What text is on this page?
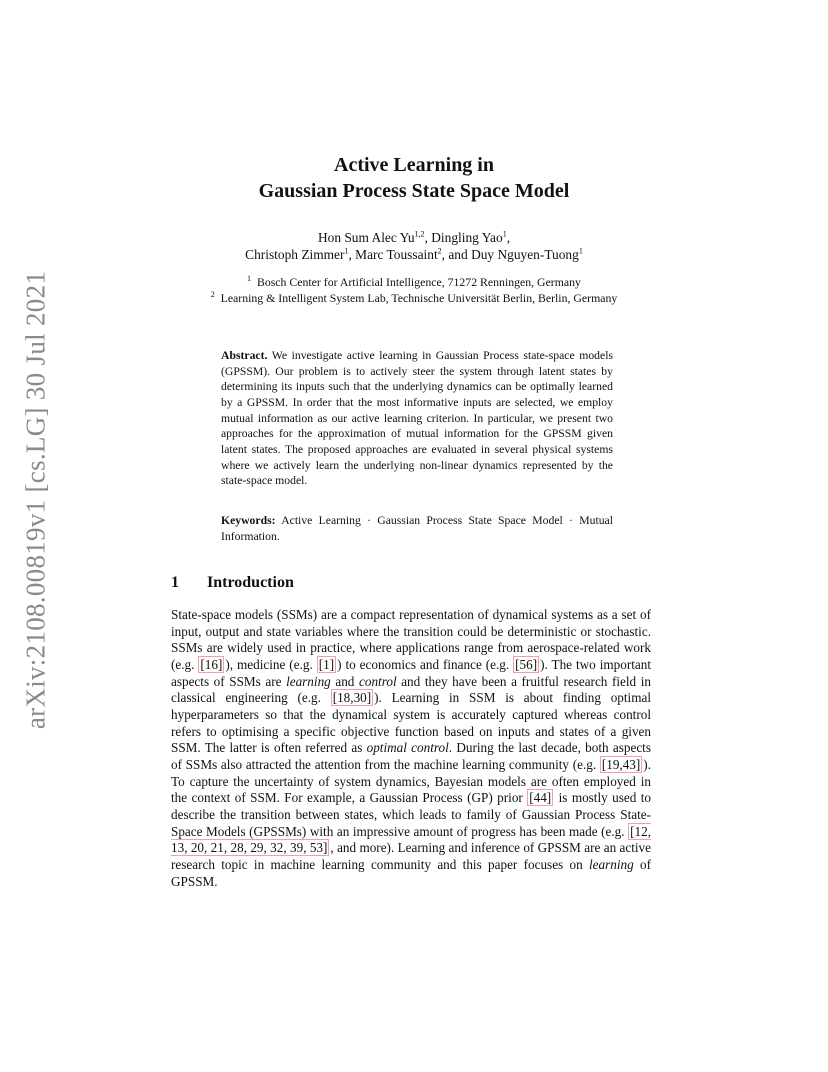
arXiv:2108.00819v1 [cs.LG] 30 Jul 2021
Active Learning in
Gaussian Process State Space Model
Hon Sum Alec Yu$^{1,2}$, Dingling Yao$^1$,
Christoph Zimmer$^1$, Marc Toussaint$^2$, and Duy Nguyen-Tuong$^1$
$^1$ Bosch Center for Artificial Intelligence, 71272 Renningen, Germany
$^2$ Learning & Intelligent System Lab, Technische Universität Berlin, Berlin, Germany
Abstract. We investigate active learning in Gaussian Process state-space models (GPSSM). Our problem is to actively steer the system through latent states by determining its inputs such that the underlying dynamics can be optimally learned by a GPSSM. In order that the most informative inputs are selected, we employ mutual information as our active learning criterion. In particular, we present two approaches for the approximation of mutual information for the GPSSM given latent states. The proposed approaches are evaluated in several physical systems where we actively learn the underlying non-linear dynamics represented by the state-space model.
Keywords: Active Learning · Gaussian Process State Space Model · Mutual Information.
1 Introduction

State-space models (SSMs) are a compact representation of dynamical systems as a set of input, output and state variables where the transition could be deterministic or stochastic. SSMs are widely used in practice, where applications range from aerospace-related work (e.g. [16] ), medicine (e.g. [1] ) to economics and finance (e.g. [56] ). The two important aspects of SSMs are learning and control and they have been a fruitful research field in classical engineering (e.g. [18,30] ). Learning in SSM is about finding optimal hyperparameters so that the dynamical system is accurately captured whereas control refers to optimising a specific objective function based on inputs and states of a given SSM. The latter is often referred as optimal control. During the last decade, both aspects of SSMs also attracted the attention from the machine learning community (e.g. [19,43] ). To capture the uncertainty of system dynamics, Bayesian models are often employed in the context of SSM. For example, a Gaussian Process (GP) prior [44] is mostly used to describe the transition between states, which leads to family of Gaussian Process State-Space Models (GPSSMs) with an impressive amount of progress has been made (e.g. [12, 13, 20, 21, 28, 29, 32, 39, 53] , and more). Learning and inference of GPSSM are an active research topic in machine learning community and this paper focuses on learning of GPSSM.
